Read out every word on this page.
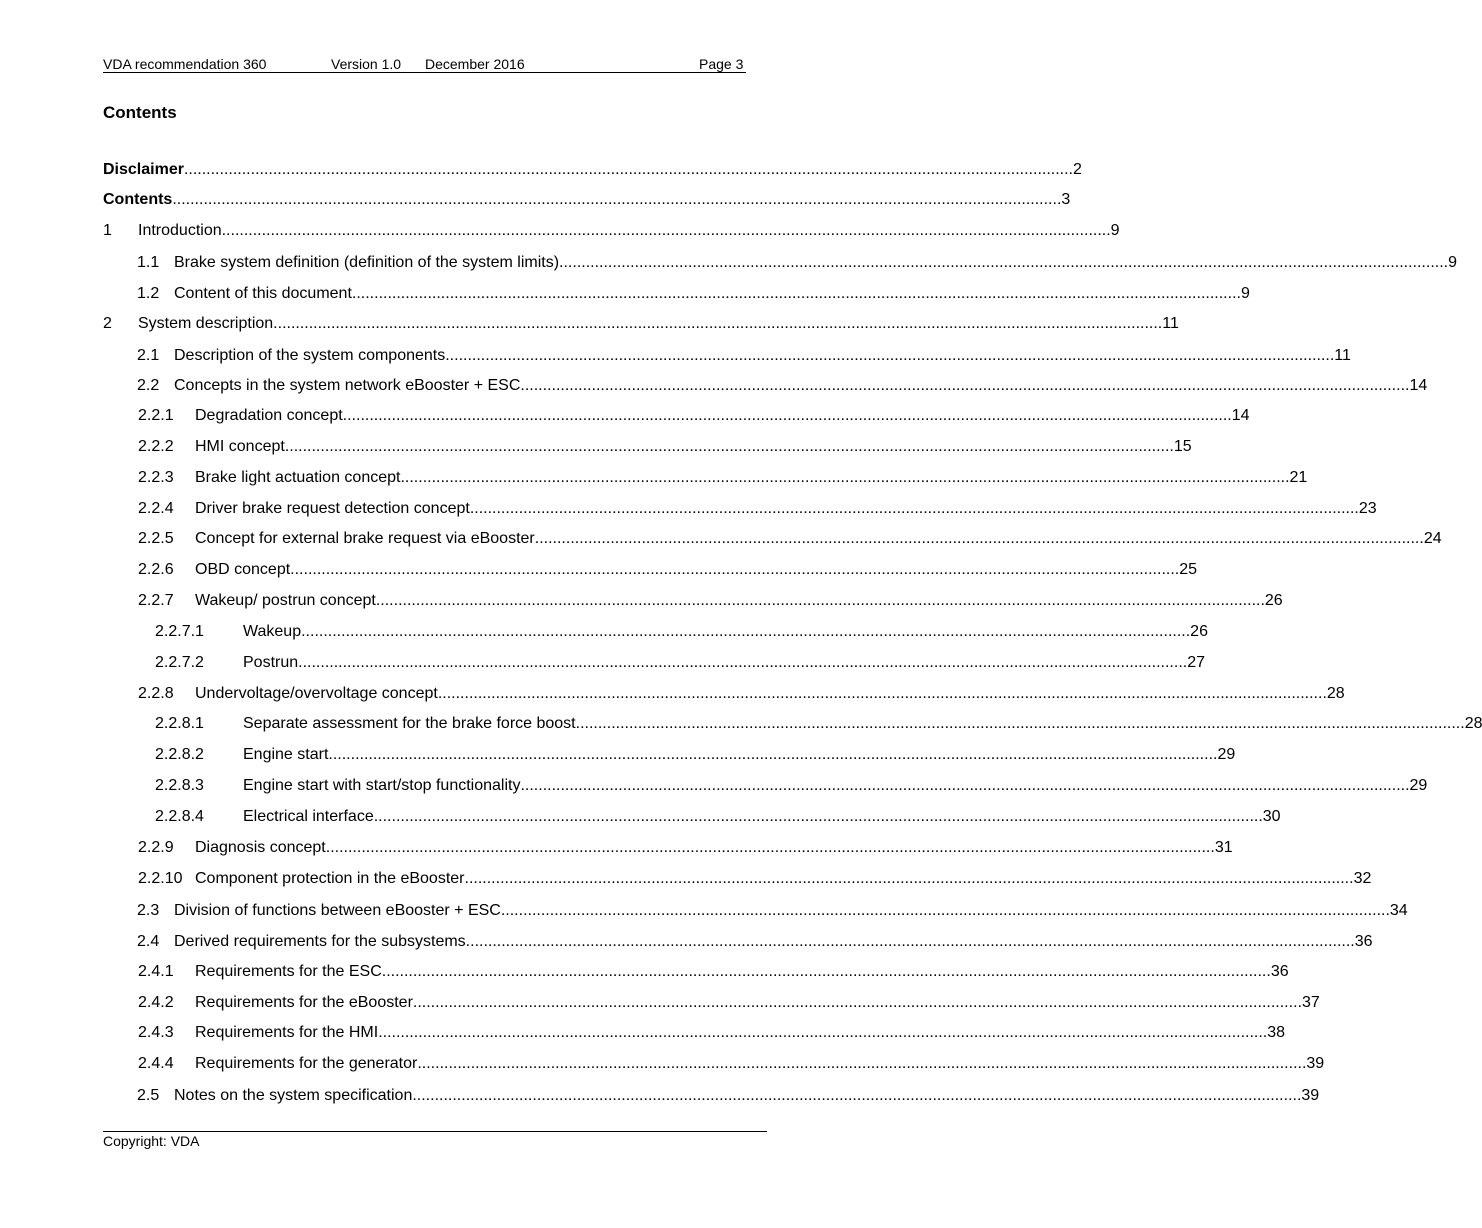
VDA recommendation 360	Version 1.0 December 2016	Page 3
Contents
Disclaimer ........................................................................................................................................................................................................ 2
Contents ........................................................................................................................................................................................................ 3
1	Introduction ........................................................................................................................................................................................................ 9
1.1 Brake system definition (definition of the system limits) ........................................................................................................................................................................................................ 9
1.2 Content of this document ........................................................................................................................................................................................................ 9
2	System description ........................................................................................................................................................................................................ 11
2.1 Description of the system components ........................................................................................................................................................................................................ 11
2.2 Concepts in the system network eBooster + ESC ........................................................................................................................................................................................................ 14
2.2.1	Degradation concept ........................................................................................................................................................................................................ 14
2.2.2	HMI concept ........................................................................................................................................................................................................ 15
2.2.3	Brake light actuation concept ........................................................................................................................................................................................................ 21
2.2.4	Driver brake request detection concept ........................................................................................................................................................................................................ 23
2.2.5	Concept for external brake request via eBooster ........................................................................................................................................................................................................ 24
2.2.6	OBD concept ........................................................................................................................................................................................................ 25
2.2.7	Wakeup/ postrun concept ........................................................................................................................................................................................................ 26
2.2.7.1	Wakeup ........................................................................................................................................................................................................ 26
2.2.7.2	Postrun ........................................................................................................................................................................................................ 27
2.2.8	Undervoltage/overvoltage concept ........................................................................................................................................................................................................ 28
2.2.8.1	Separate assessment for the brake force boost ........................................................................................................................................................................................................ 28
2.2.8.2	Engine start ........................................................................................................................................................................................................ 29
2.2.8.3	Engine start with start/stop functionality ........................................................................................................................................................................................................ 29
2.2.8.4	Electrical interface ........................................................................................................................................................................................................ 30
2.2.9	Diagnosis concept ........................................................................................................................................................................................................ 31
2.2.10 Component protection in the eBooster ........................................................................................................................................................................................................ 32
2.3 Division of functions between eBooster + ESC ........................................................................................................................................................................................................ 34
2.4 Derived requirements for the subsystems ........................................................................................................................................................................................................ 36
2.4.1	Requirements for the ESC ........................................................................................................................................................................................................ 36
2.4.2	Requirements for the eBooster ........................................................................................................................................................................................................ 37
2.4.3	Requirements for the HMI ........................................................................................................................................................................................................ 38
2.4.4	Requirements for the generator ........................................................................................................................................................................................................ 39
2.5 Notes on the system specification ........................................................................................................................................................................................................ 39
Copyright: VDA
